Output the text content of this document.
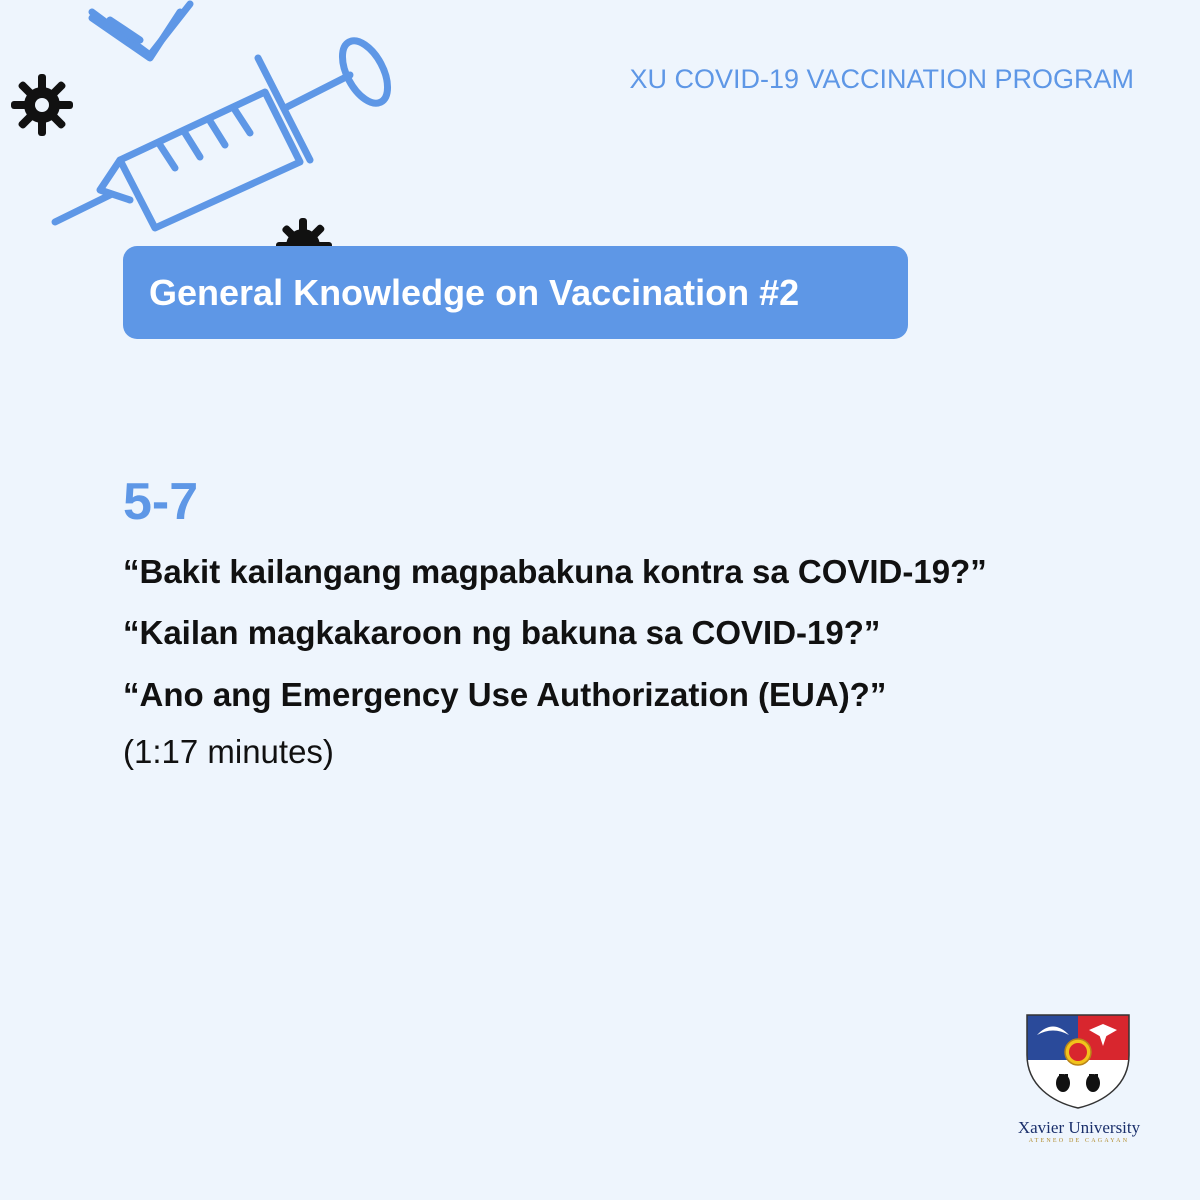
XU COVID-19 VACCINATION PROGRAM
General Knowledge on Vaccination #2
5-7
“Bakit kailangang magpabakuna kontra sa COVID-19?”
“Kailan magkakaroon ng bakuna sa COVID-19?”
“Ano ang Emergency Use Authorization (EUA)?”
(1:17 minutes)
Xavier University
ATENEO DE CAGAYAN
